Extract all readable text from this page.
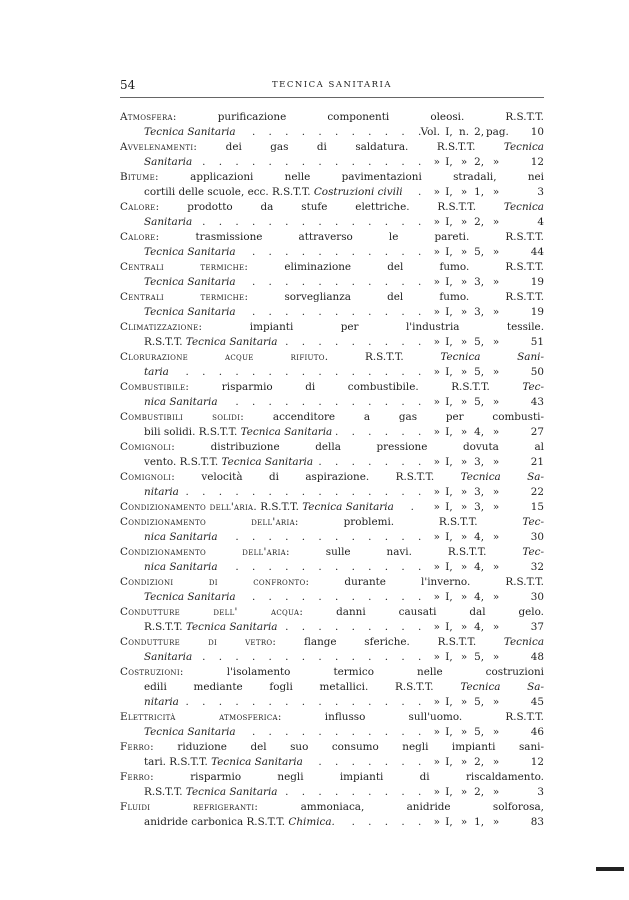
54	TECNICA SANITARIA
Atmosfera: purificazione componenti oleosi. R.S.T.T.
. . .
Tecnica Sanitaria	Vol. I, n. 2, pag.	10
Avvelenamenti: dei gas di saldatura. R.S.T.T. Tecnica
. . .
Sanitaria	» I, » 2, »	12
Bitume: applicazioni nelle pavimentazioni stradali, nei
. . .
cortili delle scuole, ecc. R.S.T.T. Costruzioni civili	» I, » 1, »	3
Calore: prodotto da stufe elettriche. R.S.T.T. Tecnica
. . .
Sanitaria	» I, » 2, »	4
Calore: trasmissione attraverso le pareti. R.S.T.T.
. . .
Tecnica Sanitaria	» I, » 5, »	44
Centrali termiche: eliminazione del fumo. R.S.T.T.
. . .
Tecnica Sanitaria	» I, » 3, »	19
Centrali termiche: sorveglianza del fumo. R.S.T.T.
. . .
Tecnica Sanitaria	» I, » 3, »	19
Climatizzazione: impianti per l'industria tessile.
. . .
R.S.T.T. Tecnica Sanitaria	» I, » 5, »	51
Clorurazione acque rifiuto. R.S.T.T. Tecnica Sani-
. . .
taria	» I, » 5, »	50
Combustibile: risparmio di combustibile. R.S.T.T. Tec-
. . .
nica Sanitaria	» I, » 5, »	43
Combustibili solidi: accenditore a gas per combusti-
. . .
bili solidi. R.S.T.T. Tecnica Sanitaria	» I, » 4, »	27
Comignoli: distribuzione della pressione dovuta al
. . .
vento. R.S.T.T. Tecnica Sanitaria	» I, » 3, »	21
Comignoli: velocità di aspirazione. R.S.T.T. Tecnica Sa-
. . .
nitaria	» I, » 3, »	22
. . .
Condizionamento dell'aria. R.S.T.T. Tecnica Sanitaria	» I, » 3, »	15
Condizionamento dell'aria: problemi. R.S.T.T. Tec-
. . .
nica Sanitaria	» I, » 4, »	30
Condizionamento dell'aria: sulle navi. R.S.T.T. Tec-
. . .
nica Sanitaria	» I, » 4, »	32
Condizioni di confronto: durante l'inverno. R.S.T.T.
. . .
Tecnica Sanitaria	» I, » 4, »	30
Condutture dell' acqua: danni causati dal gelo.
. . .
R.S.T.T. Tecnica Sanitaria	» I, » 4, »	37
Condutture di vetro: flange sferiche. R.S.T.T. Tecnica
. . .
Sanitaria	» I, » 5, »	48
Costruzioni: l'isolamento termico nelle costruzioni
edili mediante fogli metallici. R.S.T.T. Tecnica Sa-
. . .
nitaria	» I, » 5, »	45
Elettricità atmosferica: influsso sull'uomo. R.S.T.T.
. . .
Tecnica Sanitaria	» I, » 5, »	46
Ferro: riduzione del suo consumo negli impianti sani-
. . .
tari. R.S.T.T. Tecnica Sanitaria	» I, » 2, »	12
Ferro: risparmio negli impianti di riscaldamento.
. . .
R.S.T.T. Tecnica Sanitaria	» I, » 2, »	3
Fluidi refrigeranti: ammoniaca, anidride solforosa,
. . .
anidride carbonica R.S.T.T. Chimica.	» I, » 1, »	83
